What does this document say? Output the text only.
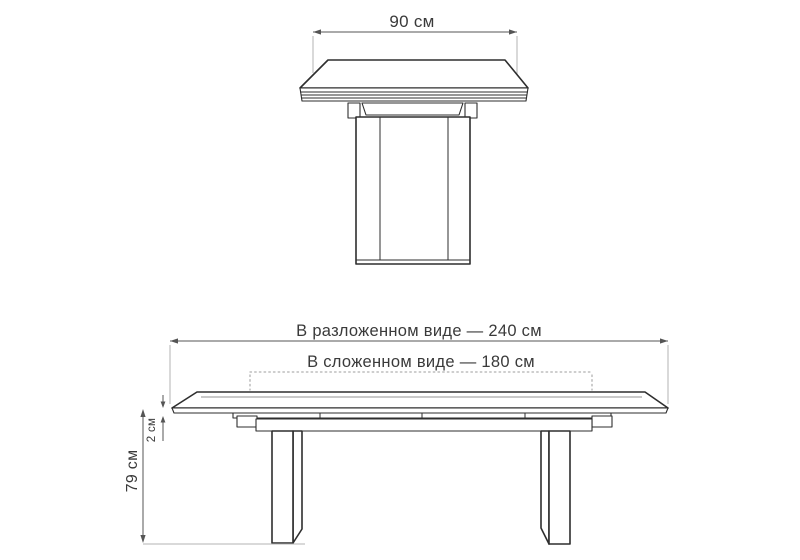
90 см
В разложенном виде — 240 см
В сложенном виде — 180 см
79 см
2 см
